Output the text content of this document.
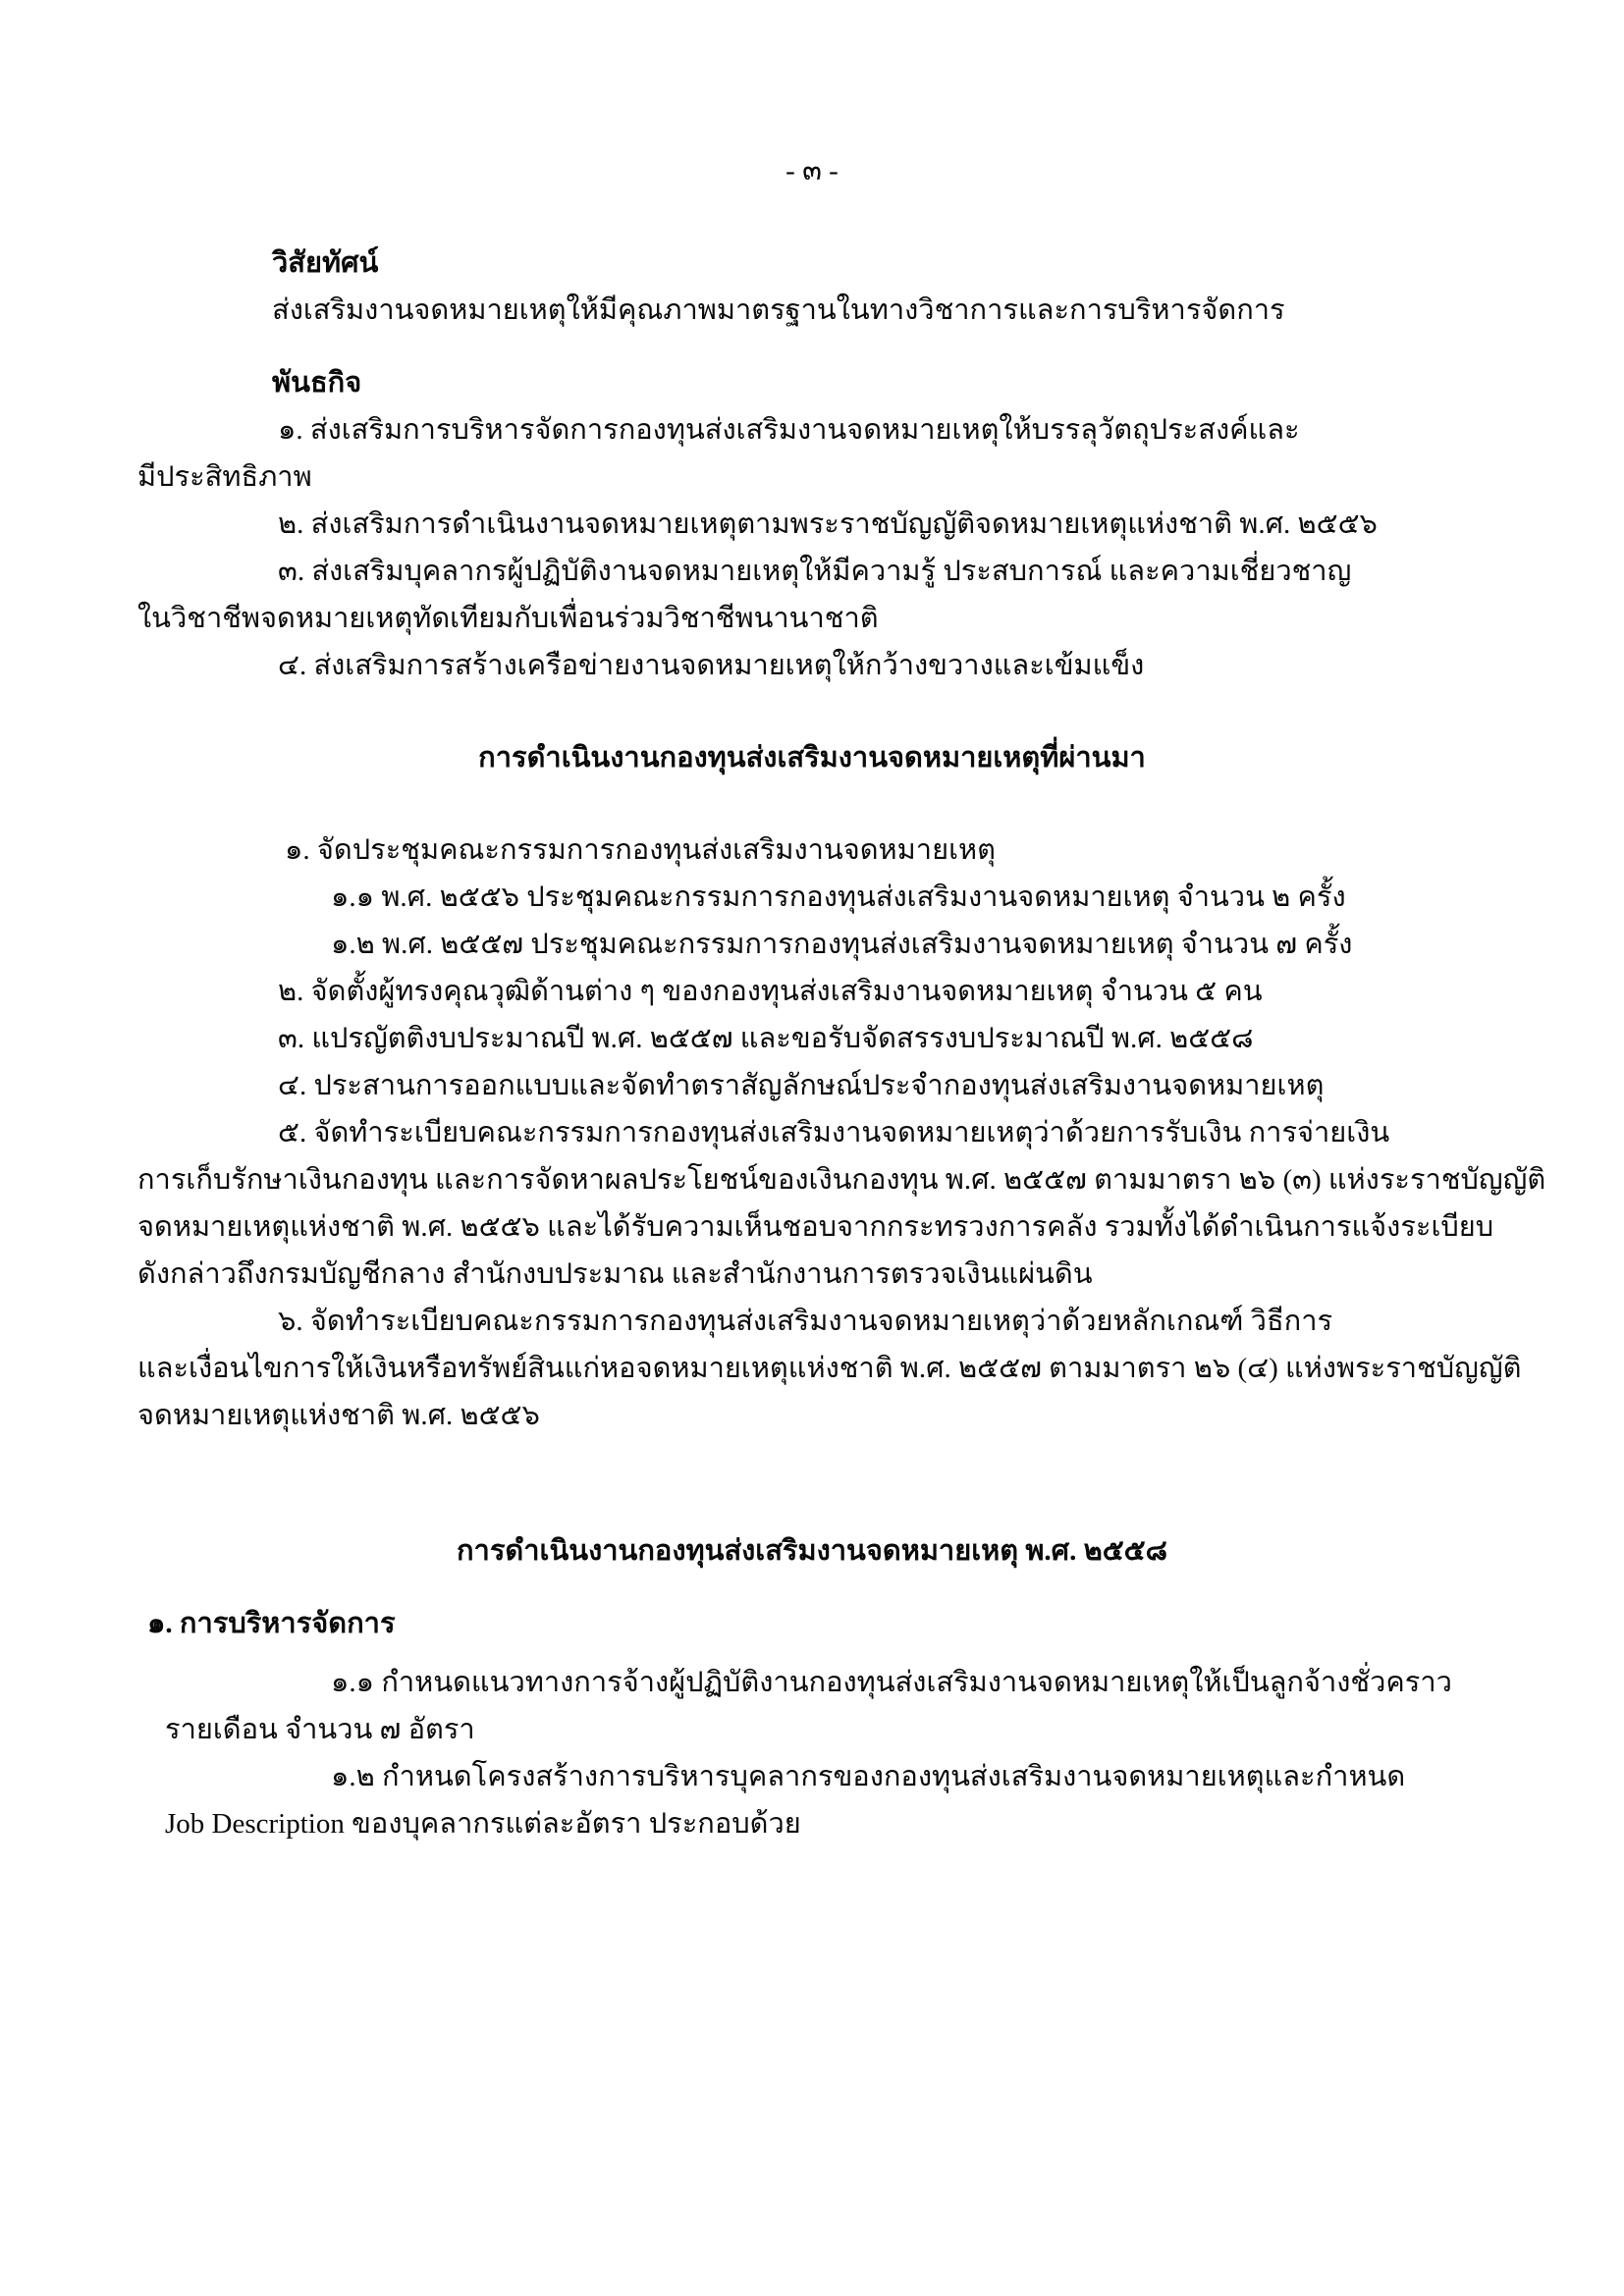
- ๓ -
วิสัยทัศน์
ส่งเสริมงานจดหมายเหตุให้มีคุณภาพมาตรฐานในทางวิชาการและการบริหารจัดการ
พันธกิจ
๑. ส่งเสริมการบริหารจัดการกองทุนส่งเสริมงานจดหมายเหตุให้บรรลุวัตถุประสงค์และ
มีประสิทธิภาพ
๒. ส่งเสริมการดำเนินงานจดหมายเหตุตามพระราชบัญญัติจดหมายเหตุแห่งชาติ พ.ศ. ๒๕๕๖
๓. ส่งเสริมบุคลากรผู้ปฏิบัติงานจดหมายเหตุให้มีความรู้ ประสบการณ์ และความเชี่ยวชาญ
ในวิชาชีพจดหมายเหตุทัดเทียมกับเพื่อนร่วมวิชาชีพนานาชาติ
๔. ส่งเสริมการสร้างเครือข่ายงานจดหมายเหตุให้กว้างขวางและเข้มแข็ง
การดำเนินงานกองทุนส่งเสริมงานจดหมายเหตุที่ผ่านมา
๑. จัดประชุมคณะกรรมการกองทุนส่งเสริมงานจดหมายเหตุ
๑.๑ พ.ศ. ๒๕๕๖ ประชุมคณะกรรมการกองทุนส่งเสริมงานจดหมายเหตุ จำนวน ๒ ครั้ง
๑.๒ พ.ศ. ๒๕๕๗ ประชุมคณะกรรมการกองทุนส่งเสริมงานจดหมายเหตุ จำนวน ๗ ครั้ง
๒. จัดตั้งผู้ทรงคุณวุฒิด้านต่าง ๆ ของกองทุนส่งเสริมงานจดหมายเหตุ จำนวน ๕ คน
๓. แปรญัตติงบประมาณปี พ.ศ. ๒๕๕๗ และขอรับจัดสรรงบประมาณปี พ.ศ. ๒๕๕๘
๔. ประสานการออกแบบและจัดทำตราสัญลักษณ์ประจำกองทุนส่งเสริมงานจดหมายเหตุ
๕. จัดทำระเบียบคณะกรรมการกองทุนส่งเสริมงานจดหมายเหตุว่าด้วยการรับเงิน การจ่ายเงิน
การเก็บรักษาเงินกองทุน และการจัดหาผลประโยชน์ของเงินกองทุน พ.ศ. ๒๕๕๗ ตามมาตรา ๒๖ (๓) แห่งระราชบัญญัติ
จดหมายเหตุแห่งชาติ พ.ศ. ๒๕๕๖ และได้รับความเห็นชอบจากกระทรวงการคลัง รวมทั้งได้ดำเนินการแจ้งระเบียบ
ดังกล่าวถึงกรมบัญชีกลาง สำนักงบประมาณ และสำนักงานการตรวจเงินแผ่นดิน
๖. จัดทำระเบียบคณะกรรมการกองทุนส่งเสริมงานจดหมายเหตุว่าด้วยหลักเกณฑ์ วิธีการ
และเงื่อนไขการให้เงินหรือทรัพย์สินแก่หอจดหมายเหตุแห่งชาติ พ.ศ. ๒๕๕๗ ตามมาตรา ๒๖ (๔) แห่งพระราชบัญญัติ
จดหมายเหตุแห่งชาติ พ.ศ. ๒๕๕๖
การดำเนินงานกองทุนส่งเสริมงานจดหมายเหตุ พ.ศ. ๒๕๕๘
๑. การบริหารจัดการ
๑.๑ กำหนดแนวทางการจ้างผู้ปฏิบัติงานกองทุนส่งเสริมงานจดหมายเหตุให้เป็นลูกจ้างชั่วคราว
รายเดือน จำนวน ๗ อัตรา
๑.๒ กำหนดโครงสร้างการบริหารบุคลากรของกองทุนส่งเสริมงานจดหมายเหตุและกำหนด
Job Description ของบุคลากรแต่ละอัตรา ประกอบด้วย
